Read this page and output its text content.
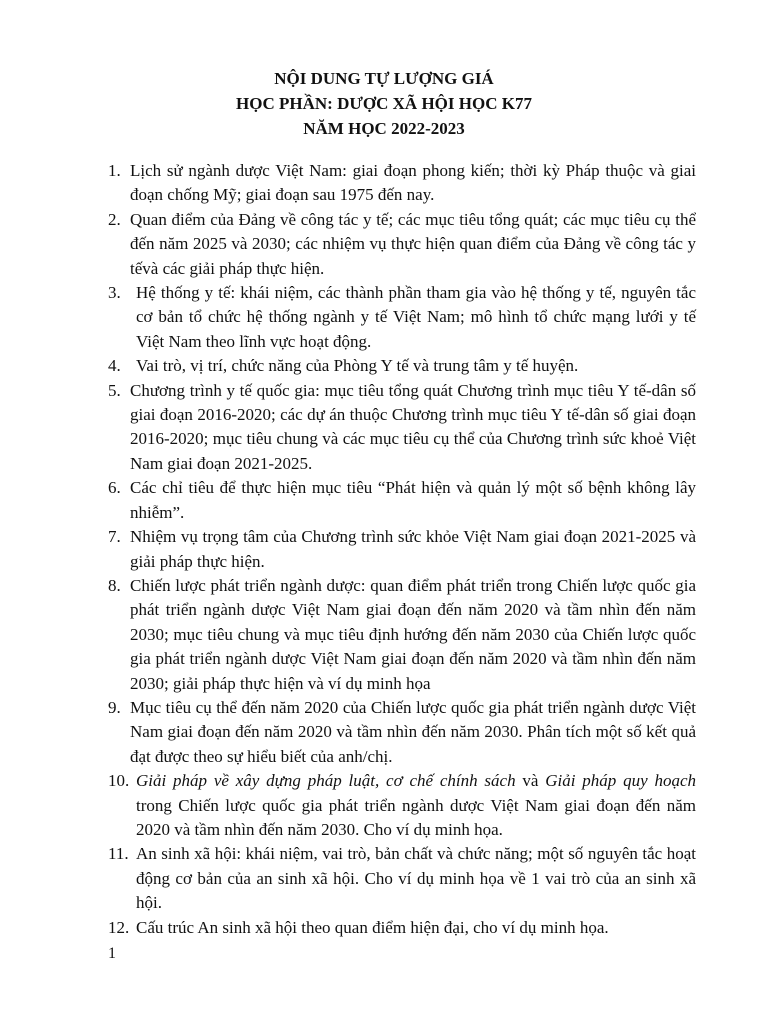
NỘI DUNG TỰ LƯỢNG GIÁ
HỌC PHẦN: DƯỢC XÃ HỘI HỌC K77
NĂM HỌC 2022-2023
1. Lịch sử ngành dược Việt Nam: giai đoạn phong kiến; thời kỳ Pháp thuộc và giai đoạn chống Mỹ; giai đoạn sau 1975 đến nay.
2. Quan điểm của Đảng về công tác y tế; các mục tiêu tổng quát; các mục tiêu cụ thể đến năm 2025 và 2030; các nhiệm vụ thực hiện quan điểm của Đảng về công tác y tếvà các giải pháp thực hiện.
3. Hệ thống y tế: khái niệm, các thành phần tham gia vào hệ thống y tế, nguyên tắc cơ bản tổ chức hệ thống ngành y tế Việt Nam; mô hình tổ chức mạng lưới y tế Việt Nam theo lĩnh vực hoạt động.
4. Vai trò, vị trí, chức năng của Phòng Y tế và trung tâm y tế huyện.
5. Chương trình y tế quốc gia: mục tiêu tổng quát Chương trình mục tiêu Y tế-dân số giai đoạn 2016-2020; các dự án thuộc Chương trình mục tiêu Y tế-dân số giai đoạn 2016-2020; mục tiêu chung và các mục tiêu cụ thể của Chương trình sức khoẻ Việt Nam giai đoạn 2021-2025.
6. Các chỉ tiêu để thực hiện mục tiêu “Phát hiện và quản lý một số bệnh không lây nhiễm”.
7. Nhiệm vụ trọng tâm của Chương trình sức khỏe Việt Nam giai đoạn 2021-2025 và giải pháp thực hiện.
8. Chiến lược phát triển ngành dược: quan điểm phát triển trong Chiến lược quốc gia phát triển ngành dược Việt Nam giai đoạn đến năm 2020 và tầm nhìn đến năm 2030; mục tiêu chung và mục tiêu định hướng đến năm 2030 của Chiến lược quốc gia phát triển ngành dược Việt Nam giai đoạn đến năm 2020 và tầm nhìn đến năm 2030; giải pháp thực hiện và ví dụ minh họa
9. Mục tiêu cụ thể đến năm 2020 của Chiến lược quốc gia phát triển ngành dược Việt Nam giai đoạn đến năm 2020 và tầm nhìn đến năm 2030. Phân tích một số kết quả đạt được theo sự hiểu biết của anh/chị.
10. Giải pháp về xây dựng pháp luật, cơ chế chính sách và Giải pháp quy hoạch trong Chiến lược quốc gia phát triển ngành dược Việt Nam giai đoạn đến năm 2020 và tầm nhìn đến năm 2030. Cho ví dụ minh họa.
11. An sinh xã hội: khái niệm, vai trò, bản chất và chức năng; một số nguyên tắc hoạt động cơ bản của an sinh xã hội. Cho ví dụ minh họa về 1 vai trò của an sinh xã hội.
12. Cấu trúc An sinh xã hội theo quan điểm hiện đại, cho ví dụ minh họa.
1
